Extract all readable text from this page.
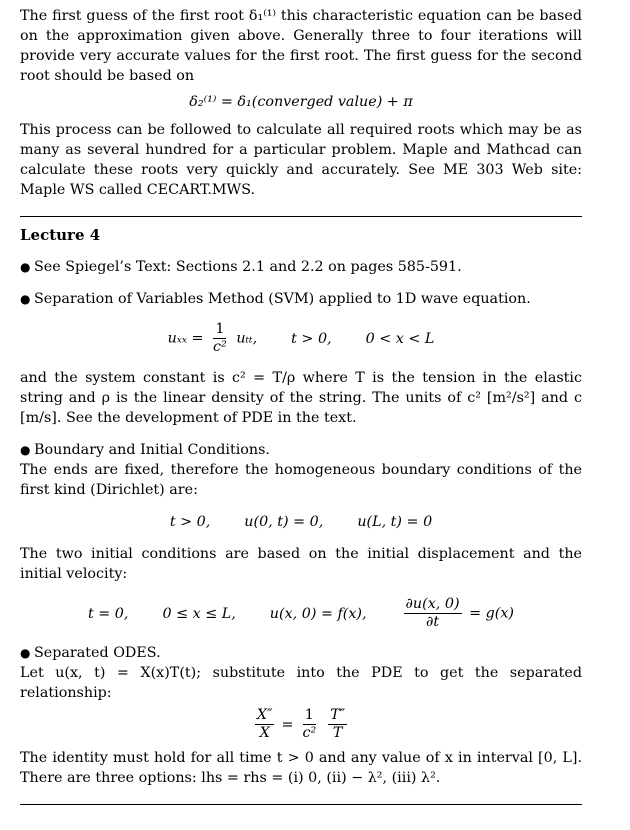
The first guess of the first root δ₁⁽¹⁾ this characteristic equation can be based on the approximation given above. Generally three to four iterations will provide very accurate values for the first root. The first guess for the second root should be based on

δ₂⁽¹⁾ = δ₁(converged value) + π

This process can be followed to calculate all required roots which may be as many as several hundred for a particular problem. Maple and Mathcad can calculate these roots very quickly and accurately. See ME 303 Web site: Maple WS called CECART.MWS.

Lecture 4

● See Spiegel’s Text: Sections 2.1 and 2.2 on pages 585-591.

● Separation of Variables Method (SVM) applied to 1D wave equation.

$u_{xx} = \frac{1}{\text{c²}} u_{tt}$, t > 0, 0 < x < L

and the system constant is c² = T/ρ where T is the tension in the elastic string and ρ is the linear density of the string. The units of c² [m²/s²] and c [m/s]. See the development of PDE in the text.

● Boundary and Initial Conditions.

The ends are fixed, therefore the homogeneous boundary conditions of the first kind (Dirichlet) are:

t > 0, u(0, t) = 0, u(L, t) = 0

The two initial conditions are based on the initial displacement and the initial velocity:

t = 0, 0 ≤ x ≤ L, u(x, 0) = f(x),	$\frac{\partial u(x, 0)}{\partial t} = g(x)$
● Separated ODES.

Let u(x, t) = X(x)T(t); substitute into the PDE to get the separated relationship:

$\frac{X''}{X} = \frac{1}{\text{c²}} \frac{T''}{T}$

The identity must hold for all time t > 0 and any value of x in interval [0, L]. There are three options: lhs = rhs = (i) 0, (ii) − λ², (iii) λ².
